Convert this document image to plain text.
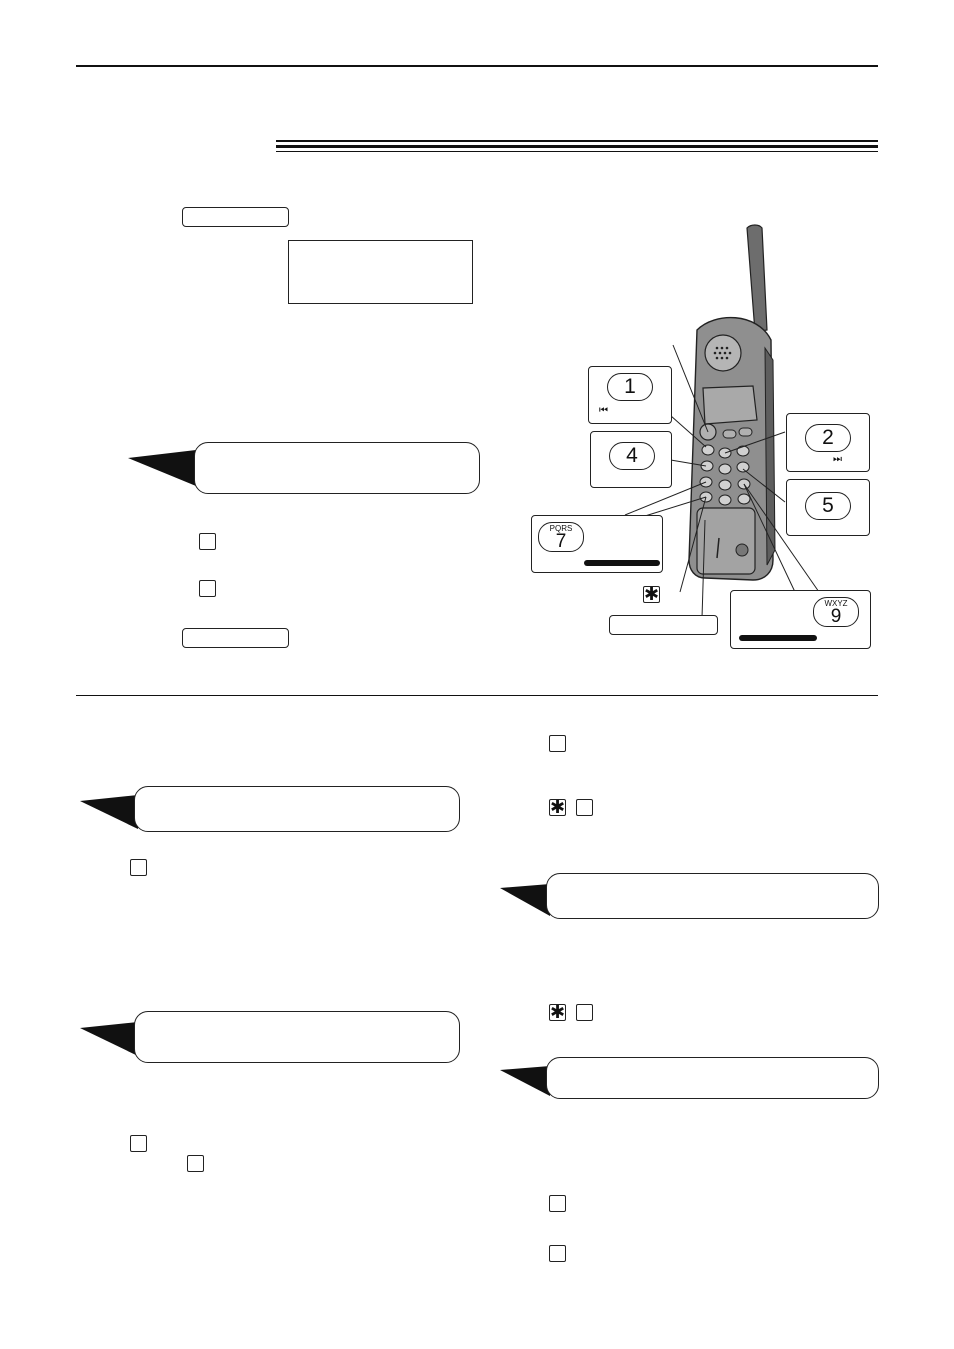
1
⏮
4
2
⏭
5
PQRS
7
WXYZ
9
✱
✱
✱
